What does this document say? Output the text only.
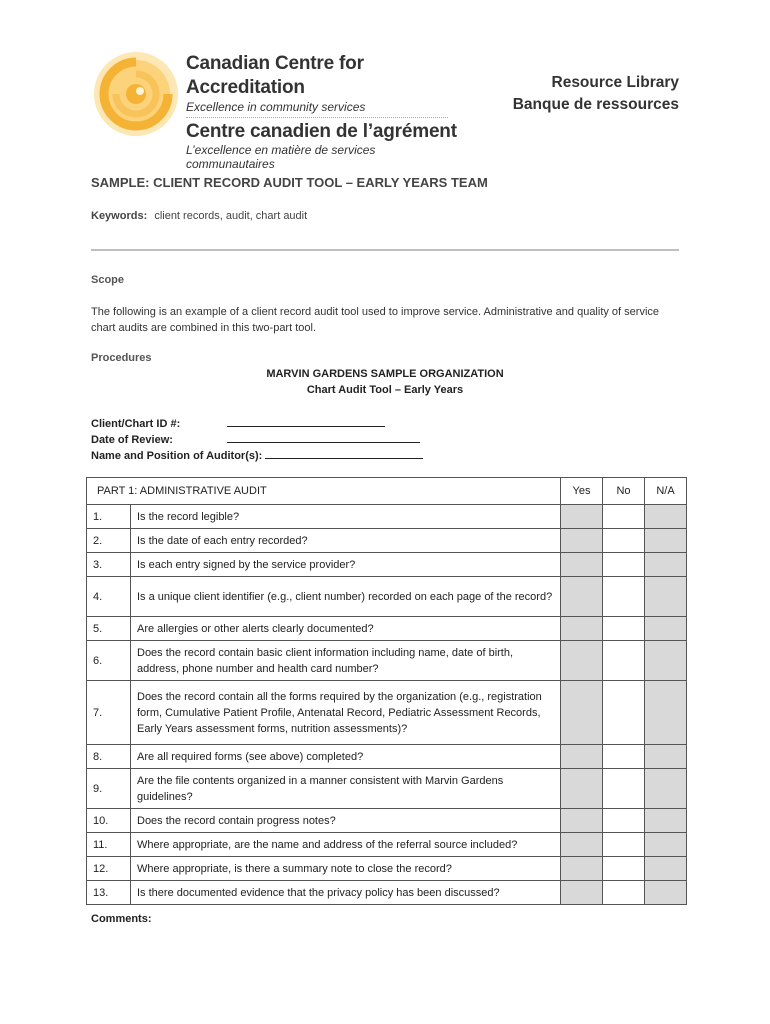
Canadian Centre for Accreditation
Excellence in community services
Centre canadien de l’agrément
L’excellence en matière de services communautaires
Resource Library
Banque de ressources
SAMPLE: CLIENT RECORD AUDIT TOOL – EARLY YEARS TEAM
Keywords: client records, audit, chart audit
Scope
The following is an example of a client record audit tool used to improve service. Administrative and quality of service chart audits are combined in this two-part tool.
Procedures
MARVIN GARDENS SAMPLE ORGANIZATION
Chart Audit Tool – Early Years
Client/Chart ID #:
Date of Review:
Name and Position of Auditor(s):
PART 1: ADMINISTRATIVE AUDIT		Yes	No	N/A
1.	Is the record legible?			
2.	Is the date of each entry recorded?			
3.	Is each entry signed by the service provider?			
4.	Is a unique client identifier (e.g., client number) recorded on each page of the record?			
5.	Are allergies or other alerts clearly documented?			
6.	Does the record contain basic client information including name, date of birth, address, phone number and health card number?			
7.	Does the record contain all the forms required by the organization (e.g., registration form, Cumulative Patient Profile, Antenatal Record, Pediatric Assessment Records, Early Years assessment forms, nutrition assessments)?			
8.	Are all required forms (see above) completed?			
9.	Are the file contents organized in a manner consistent with Marvin Gardens guidelines?			
10.	Does the record contain progress notes?			
11.	Where appropriate, are the name and address of the referral source included?			
12.	Where appropriate, is there a summary note to close the record?			
13.	Is there documented evidence that the privacy policy has been discussed?			
Comments:
